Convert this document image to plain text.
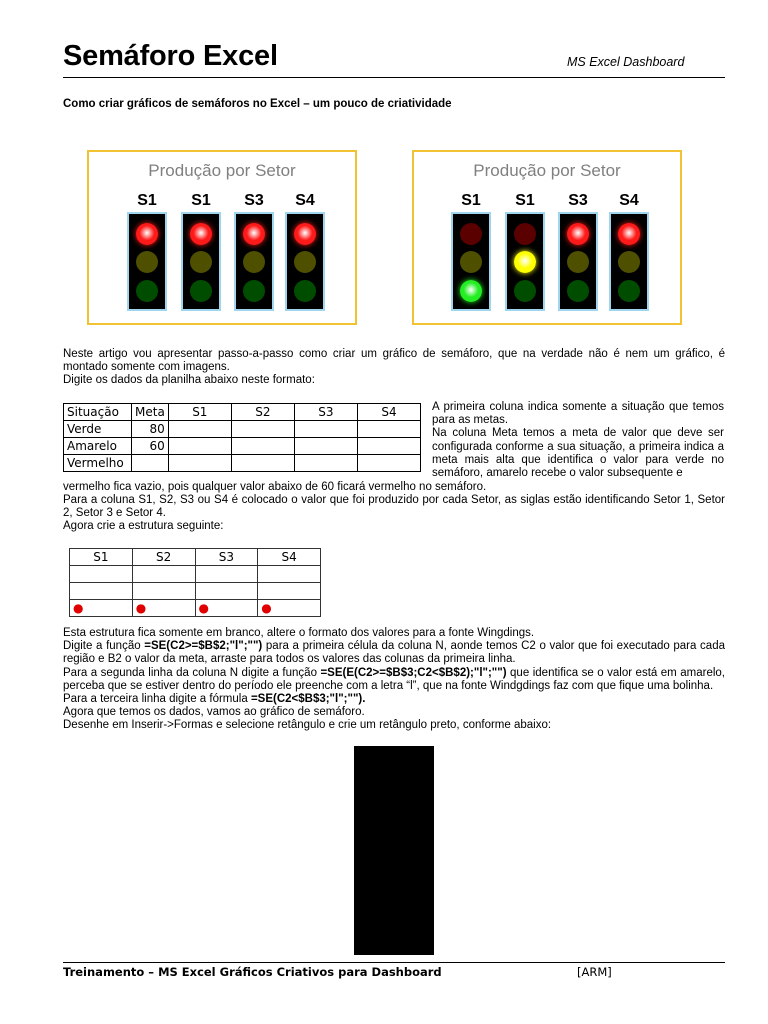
Semáforo Excel	MS Excel Dashboard
Como criar gráficos de semáforos no Excel – um pouco de criatividade
Produção por Setor
S1	S1	S3	S4
Produção por Setor
S1	S1	S3	S4
Neste artigo vou apresentar passo-a-passo como criar um gráfico de semáforo, que na verdade não é nem um gráfico, é montado somente com imagens.
Digite os dados da planilha abaixo neste formato:
Situação	Meta	S1	S2	S3	S4
Verde	80				
Amarelo	60				
Vermelho					
A primeira coluna indica somente a situação que temos para as metas.
Na coluna Meta temos a meta de valor que deve ser configurada conforme a sua situação, a primeira indica a meta mais alta que identifica o valor para verde no semáforo, amarelo recebe o valor subsequente e
vermelho fica vazio, pois qualquer valor abaixo de 60 ficará vermelho no semáforo.
Para a coluna S1, S2, S3 ou S4 é colocado o valor que foi produzido por cada Setor, as siglas estão identificando Setor 1, Setor 2, Setor 3 e Setor 4.
Agora crie a estrutura seguinte:
S1	S2	S3	S4

●	●	●	●
Esta estrutura fica somente em branco, altere o formato dos valores para a fonte Wingdings.
Digite a função =SE(C2>=$B$2;"l";"") para a primeira célula da coluna N, aonde temos C2 o valor que foi executado para cada região e B2 o valor da meta, arraste para todos os valores das colunas da primeira linha.
Para a segunda linha da coluna N digite a função =SE(E(C2>=$B$3;C2<$B$2);"l";"") que identifica se o valor está em amarelo, perceba que se estiver dentro do período ele preenche com a letra “l”, que na fonte Windgdings faz com que fique uma bolinha.
Para a terceira linha digite a fórmula =SE(C2<$B$3;"l";"").
Agora que temos os dados, vamos ao gráfico de semáforo.
Desenhe em Inserir->Formas e selecione retângulo e crie um retângulo preto, conforme abaixo:
Treinamento – MS Excel Gráficos Criativos para Dashboard	[ARM]
